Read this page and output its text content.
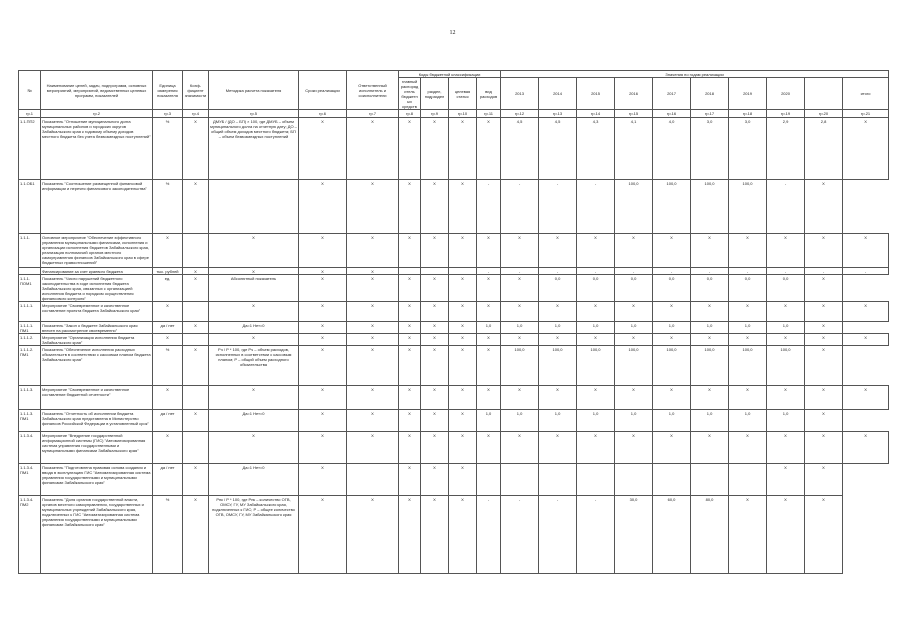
12
№	Наименование целей, задач, подпрограмм, основных мероприятий, мероприятий, ведомственных целевых программ, показателей	Единица измерения показателя	Коэф-фициент значимости	Методика расчета показателя	Сроки реализации	Ответственный исполнитель и соисполнители	Коды бюджетной классификации				Значения по годам реализации									
							главный распорядитель бюджетных средств	раздел, подраздел	целевая статья	вид расходов	2013	2014	2015	2016	2017	2018	2019	2020		итого
гр.1	гр.2	гр.3	гр.4	гр.5	гр.6	гр.7	гр.8	гр.9	гр.10	гр.11	гр.12	гр.13	гр.14	гр.15	гр.16	гр.17	гр.18	гр.19	гр.20	гр.21
1.1.ПП2	Показатель "Отношение муниципального долга муниципальных районов и городских округов Забайкальского края к годовому объему доходов местного бюджета без учета безвозмездных поступлений"	%	Х	ДМУБ / (ДО – БП) × 100, где ДМУБ – объем муниципального долга на отчетную дату; ДО – общий объем доходов местного бюджета; БП – объем безвозмездных поступлений	Х	Х	Х	Х	Х	Х	4,5	4,5	4,3	4,1	4,0	3,0	3,0	2,9	2,8	Х
1.1.ОБ1	Показатель "Соотношение размещенной финансовой информации и перечня финансового законодательства"	%	Х		Х	Х	Х	Х	Х	-	-	-	-	100,0	100,0	100,0	100,0	-	Х	
1.1.1.	Основное мероприятие "Обеспечение эффективного управления муниципальными финансами, исполнения и организации исполнения бюджетов Забайкальского края, реализация полномочий органов местного самоуправления финансов Забайкальского края в сфере бюджетных правоотношений"	Х		Х	Х	Х	Х	Х	Х	Х	Х	Х	Х	Х	Х	Х	Х	Х	Х	Х
	Финансирование за счет краевого бюджета	тыс. рублей	Х	Х	Х	Х				-	-	-	-	-	-	-	-	-	-	-
1.1.1. ПОМ1	Показатель "Число нарушений бюджетного законодательства в ходе исполнения бюджета Забайкальского края, связанных с организацией исполнения бюджета и порядком осуществления финансового контроля"	ед.	Х	Абсолютный показатель	Х	Х	Х	Х	Х	Х	Х	0,0	0,0	0,0	0,0	0,0	0,0	0,0	Х	
1.1.1.1.	Мероприятие "Своевременное и качественное составление проекта бюджета Забайкальского края"	Х		Х	Х	Х	Х	Х	Х	Х	Х	Х	Х	Х	Х	Х	Х	Х	Х	Х
1.1.1.1. ПМ1	Показатель "Закон о бюджете Забайкальского края внесен на рассмотрение своевременно"	да / нет	Х	Да=1 Нет=0	Х	Х	Х	Х	Х	1,0	1,0	1,0	1,0	1,0	1,0	1,0	1,0	1,0	Х	
1.1.1.2.	Мероприятие "Организация исполнения бюджета Забайкальского края"	Х		Х	Х	Х	Х	Х	Х	Х	Х	Х	Х	Х	Х	Х	Х	Х	Х	Х
1.1.1.2. ПМ1	Показатель "Обеспечение исполнения расходных обязательств в соответствии с кассовым планом бюджета Забайкальского края"	%	Х	Рч / Р * 100, где Рч – объем расходов, исполненных в соответствии с кассовым планом; Р – общий объем расходного обязательства	Х	Х	Х	Х	Х	Х	100,0	100,0	100,0	100,0	100,0	100,0	100,0	100,0	Х	
1.1.1.3.	Мероприятие "Своевременное и качественное составление бюджетной отчетности"	Х		Х	Х	Х	Х	Х	Х	Х	Х	Х	Х	Х	Х	Х	Х	Х	Х	Х
1.1.1.3. ПМ1	Показатель "Отчетность об исполнении бюджета Забайкальского края представлена в Министерство финансов Российской Федерации в установленный срок"	да / нет	Х	Да=1 Нет=0	Х	Х	Х	Х	Х	1,0	1,0	1,0	1,0	1,0	1,0	1,0	1,0	1,0	Х	
1.1.3.4.	Мероприятие "Внедрение государственной информационной системы (ГИС) "Автоматизированная система управления государственными и муниципальными финансами Забайкальского края"	Х		Х	Х	Х	Х	Х	Х	Х	Х	Х	Х	Х	Х	Х	Х	Х	Х	Х
1.1.3.4. ПМ1	Показатель "Подготовлена правовая основа создания и ввода в эксплуатацию ГИС "Автоматизированная система управления государственными и муниципальными финансами Забайкальского края"	да / нет	Х	Да=1 Нет=0	Х		Х	Х	Х									Х	Х	
1.1.3.4. ПМ2	Показатель "Доля органов государственной власти, органов местного самоуправления, государственных и муниципальных учреждений Забайкальского края, подключенных к ГИС "Автоматизированная система управления государственными и муниципальными финансами Забайкальского края"	%	Х	Рпк / Р * 100, где Рпк – количество ОГВ, ОМСУ, ГУ, МУ Забайкальского края, подключенных к ГИС; Р – общее количество ОГВ, ОМСУ, ГУ, МУ Забайкальского края	Х	Х	Х	Х	Х	-	-	-	-	30,0	60,0	80,0	Х	Х	Х	
